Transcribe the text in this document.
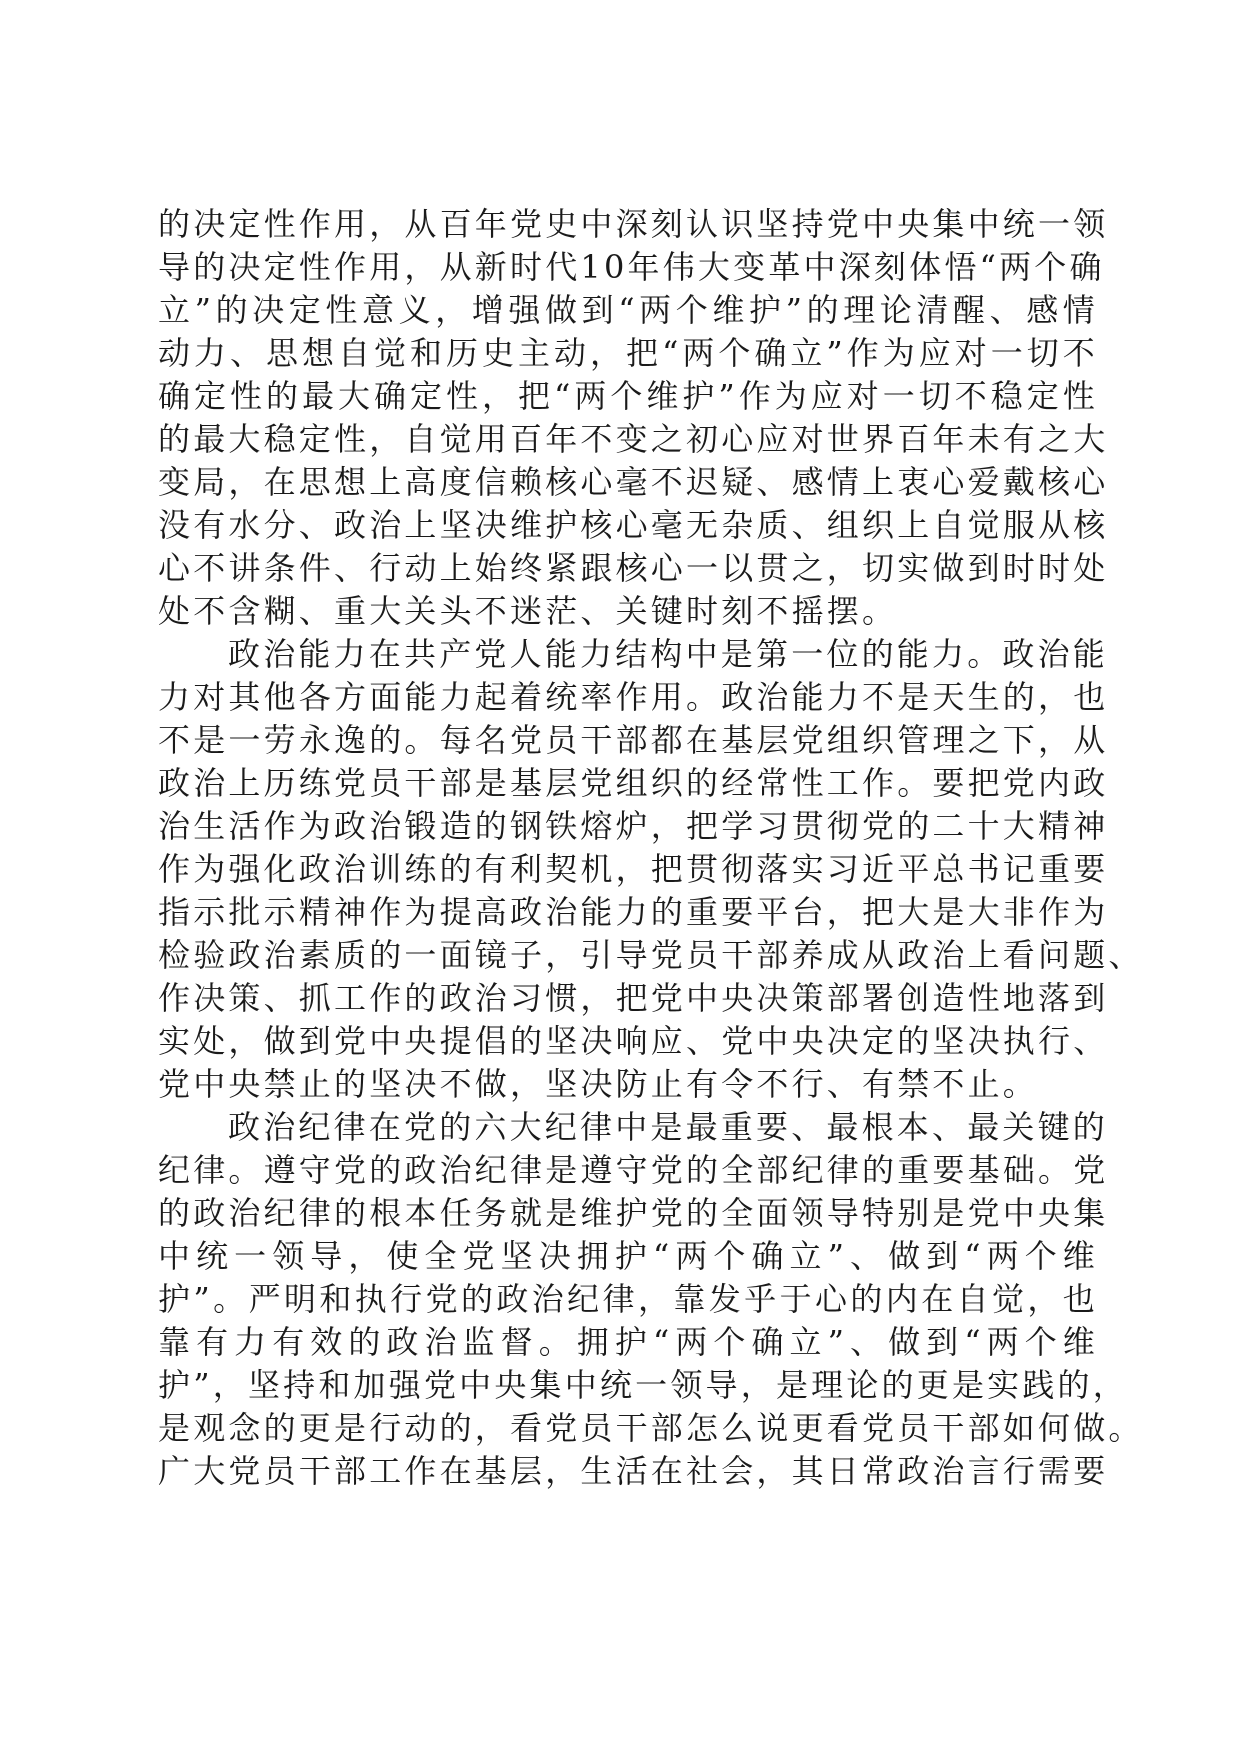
的决定性作用，从百年党史中深刻认识坚持党中央集中统一领
导的决定性作用，从新时代10年伟大变革中深刻体悟“两个确
立”的决定性意义，增强做到“两个维护”的理论清醒、感情
动力、思想自觉和历史主动，把“两个确立”作为应对一切不
确定性的最大确定性，把“两个维护”作为应对一切不稳定性
的最大稳定性，自觉用百年不变之初心应对世界百年未有之大
变局，在思想上高度信赖核心毫不迟疑、感情上衷心爱戴核心
没有水分、政治上坚决维护核心毫无杂质、组织上自觉服从核
心不讲条件、行动上始终紧跟核心一以贯之，切实做到时时处
处不含糊、重大关头不迷茫、关键时刻不摇摆。
政治能力在共产党人能力结构中是第一位的能力。政治能
力对其他各方面能力起着统率作用。政治能力不是天生的，也
不是一劳永逸的。每名党员干部都在基层党组织管理之下，从
政治上历练党员干部是基层党组织的经常性工作。要把党内政
治生活作为政治锻造的钢铁熔炉，把学习贯彻党的二十大精神
作为强化政治训练的有利契机，把贯彻落实习近平总书记重要
指示批示精神作为提高政治能力的重要平台，把大是大非作为
检验政治素质的一面镜子，引导党员干部养成从政治上看问题、
作决策、抓工作的政治习惯，把党中央决策部署创造性地落到
实处，做到党中央提倡的坚决响应、党中央决定的坚决执行、
党中央禁止的坚决不做，坚决防止有令不行、有禁不止。
政治纪律在党的六大纪律中是最重要、最根本、最关键的
纪律。遵守党的政治纪律是遵守党的全部纪律的重要基础。党
的政治纪律的根本任务就是维护党的全面领导特别是党中央集
中统一领导，使全党坚决拥护“两个确立”、做到“两个维
护”。严明和执行党的政治纪律，靠发乎于心的内在自觉，也
靠有力有效的政治监督。拥护“两个确立”、做到“两个维
护”，坚持和加强党中央集中统一领导，是理论的更是实践的，
是观念的更是行动的，看党员干部怎么说更看党员干部如何做。
广大党员干部工作在基层，生活在社会，其日常政治言行需要
